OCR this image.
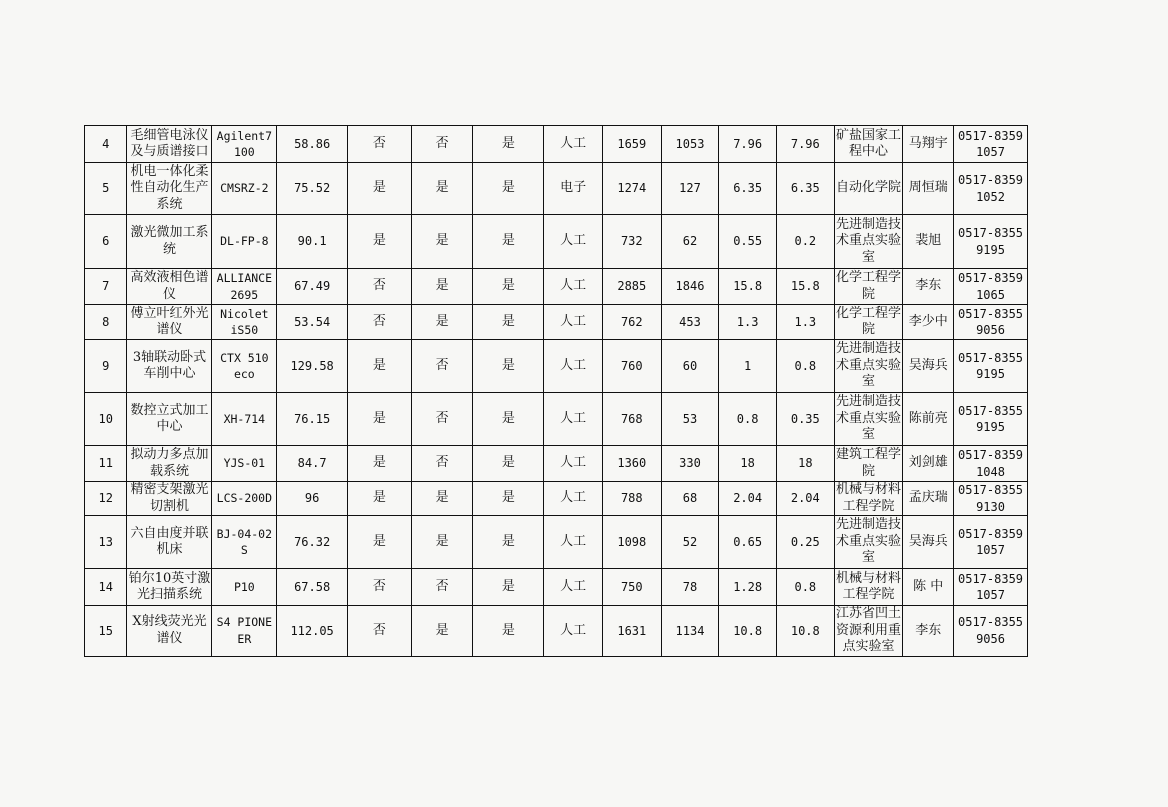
4	毛细管电泳仪及与质谱接口	Agilent7100	58.86	否	否	是	人工	1659	1053	7.96	7.96	矿盐国家工程中心	马翔宇	0517-83591057
5	机电一体化柔性自动化生产系统	CMSRZ-2	75.52	是	是	是	电子	1274	127	6.35	6.35	自动化学院	周恒瑞	0517-83591052
6	激光微加工系统	DL-FP-8	90.1	是	是	是	人工	732	62	0.55	0.2	先进制造技术重点实验室	裴旭	0517-83559195
7	高效液相色谱仪	ALLIANCE 2695	67.49	否	是	是	人工	2885	1846	15.8	15.8	化学工程学院	李东	0517-83591065
8	傅立叶红外光谱仪	Nicolet iS50	53.54	否	是	是	人工	762	453	1.3	1.3	化学工程学院	李少中	0517-83559056
9	3轴联动卧式车削中心	CTX 510 eco	129.58	是	否	是	人工	760	60	1	0.8	先进制造技术重点实验室	吴海兵	0517-83559195
10	数控立式加工中心	XH-714	76.15	是	否	是	人工	768	53	0.8	0.35	先进制造技术重点实验室	陈前亮	0517-83559195
11	拟动力多点加载系统	YJS-01	84.7	是	否	是	人工	1360	330	18	18	建筑工程学院	刘剑雄	0517-83591048
12	精密支架激光切割机	LCS-200D	96	是	是	是	人工	788	68	2.04	2.04	机械与材料工程学院	孟庆瑞	0517-83559130
13	六自由度并联机床	BJ-04-02S	76.32	是	是	是	人工	1098	52	0.65	0.25	先进制造技术重点实验室	吴海兵	0517-83591057
14	铂尔10英寸激光扫描系统	P10	67.58	否	否	是	人工	750	78	1.28	0.8	机械与材料工程学院	陈 中	0517-83591057
15	X射线荧光光谱仪	S4 PIONEER	112.05	否	是	是	人工	1631	1134	10.8	10.8	江苏省凹土资源利用重点实验室	李东	0517-83559056
